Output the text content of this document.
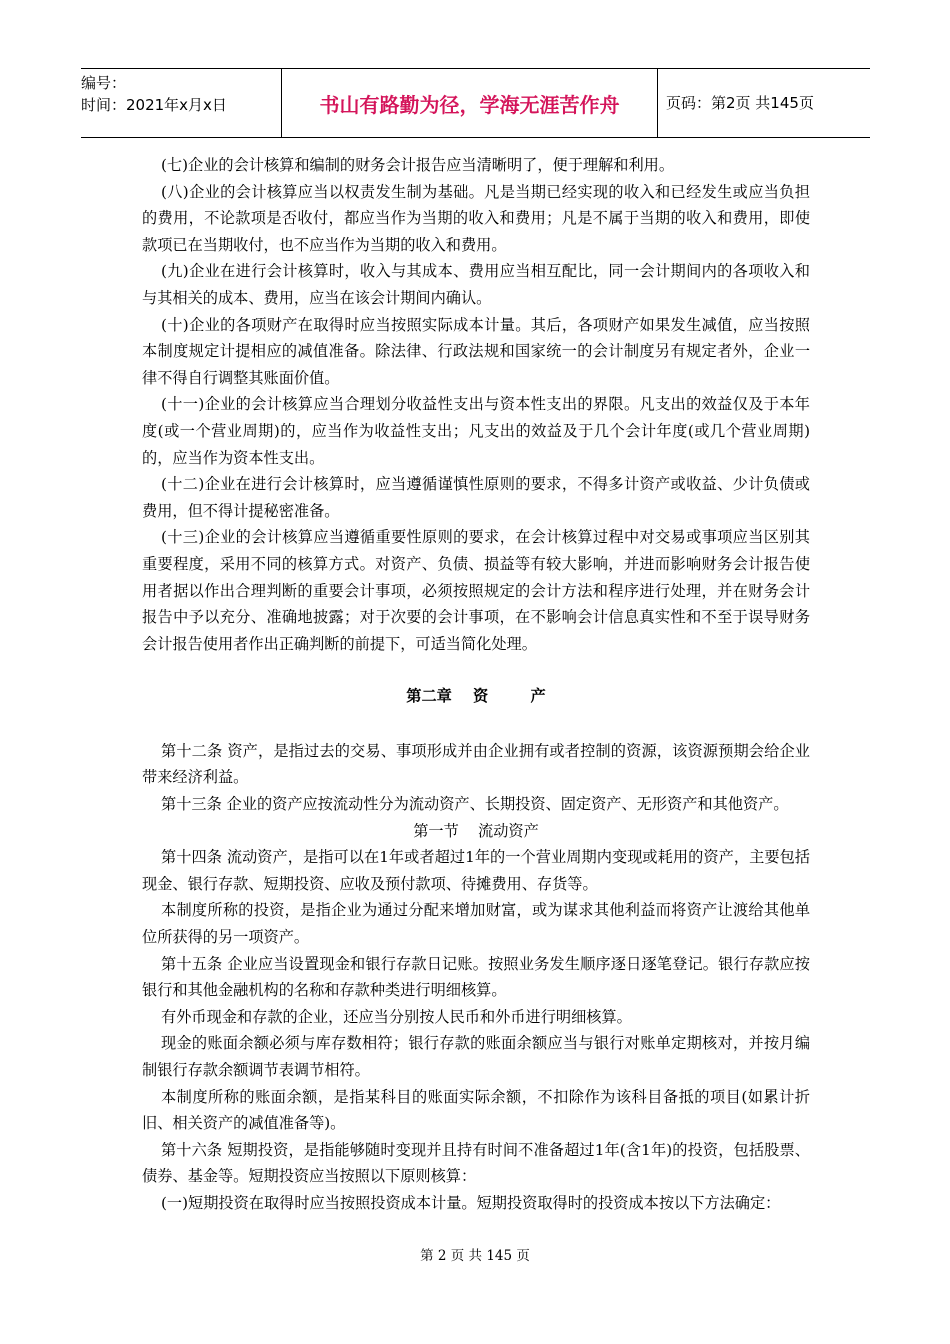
编号：
时间：2021年x月x日	书山有路勤为径，学海无涯苦作舟	页码：第2页 共145页

(七)企业的会计核算和编制的财务会计报告应当清晰明了，便于理解和利用。

(八)企业的会计核算应当以权责发生制为基础。凡是当期已经实现的收入和已经发生或应当负担的费用，不论款项是否收付，都应当作为当期的收入和费用；凡是不属于当期的收入和费用，即使款项已在当期收付，也不应当作为当期的收入和费用。

(九)企业在进行会计核算时，收入与其成本、费用应当相互配比，同一会计期间内的各项收入和与其相关的成本、费用，应当在该会计期间内确认。

(十)企业的各项财产在取得时应当按照实际成本计量。其后，各项财产如果发生减值，应当按照本制度规定计提相应的减值准备。除法律、行政法规和国家统一的会计制度另有规定者外，企业一律不得自行调整其账面价值。

(十一)企业的会计核算应当合理划分收益性支出与资本性支出的界限。凡支出的效益仅及于本年度(或一个营业周期)的，应当作为收益性支出；凡支出的效益及于几个会计年度(或几个营业周期)的，应当作为资本性支出。

(十二)企业在进行会计核算时，应当遵循谨慎性原则的要求，不得多计资产或收益、少计负债或费用，但不得计提秘密准备。

(十三)企业的会计核算应当遵循重要性原则的要求，在会计核算过程中对交易或事项应当区别其重要程度，采用不同的核算方式。对资产、负债、损益等有较大影响，并进而影响财务会计报告使用者据以作出合理判断的重要会计事项，必须按照规定的会计方法和程序进行处理，并在财务会计报告中予以充分、准确地披露；对于次要的会计事项，在不影响会计信息真实性和不至于误导财务会计报告使用者作出正确判断的前提下，可适当简化处理。

第二章    资        产

第十二条 资产，是指过去的交易、事项形成并由企业拥有或者控制的资源，该资源预期会给企业带来经济利益。

第十三条 企业的资产应按流动性分为流动资产、长期投资、固定资产、无形资产和其他资产。

第一节    流动资产

第十四条 流动资产，是指可以在1年或者超过1年的一个营业周期内变现或耗用的资产，主要包括现金、银行存款、短期投资、应收及预付款项、待摊费用、存货等。

本制度所称的投资，是指企业为通过分配来增加财富，或为谋求其他利益而将资产让渡给其他单位所获得的另一项资产。

第十五条 企业应当设置现金和银行存款日记账。按照业务发生顺序逐日逐笔登记。银行存款应按银行和其他金融机构的名称和存款种类进行明细核算。

有外币现金和存款的企业，还应当分别按人民币和外币进行明细核算。

现金的账面余额必须与库存数相符；银行存款的账面余额应当与银行对账单定期核对，并按月编制银行存款余额调节表调节相符。

本制度所称的账面余额，是指某科目的账面实际余额，不扣除作为该科目备抵的项目(如累计折旧、相关资产的减值准备等)。

第十六条 短期投资，是指能够随时变现并且持有时间不准备超过1年(含1年)的投资，包括股票、债券、基金等。短期投资应当按照以下原则核算：

(一)短期投资在取得时应当按照投资成本计量。短期投资取得时的投资成本按以下方法确定：

第 2 页 共 145 页
